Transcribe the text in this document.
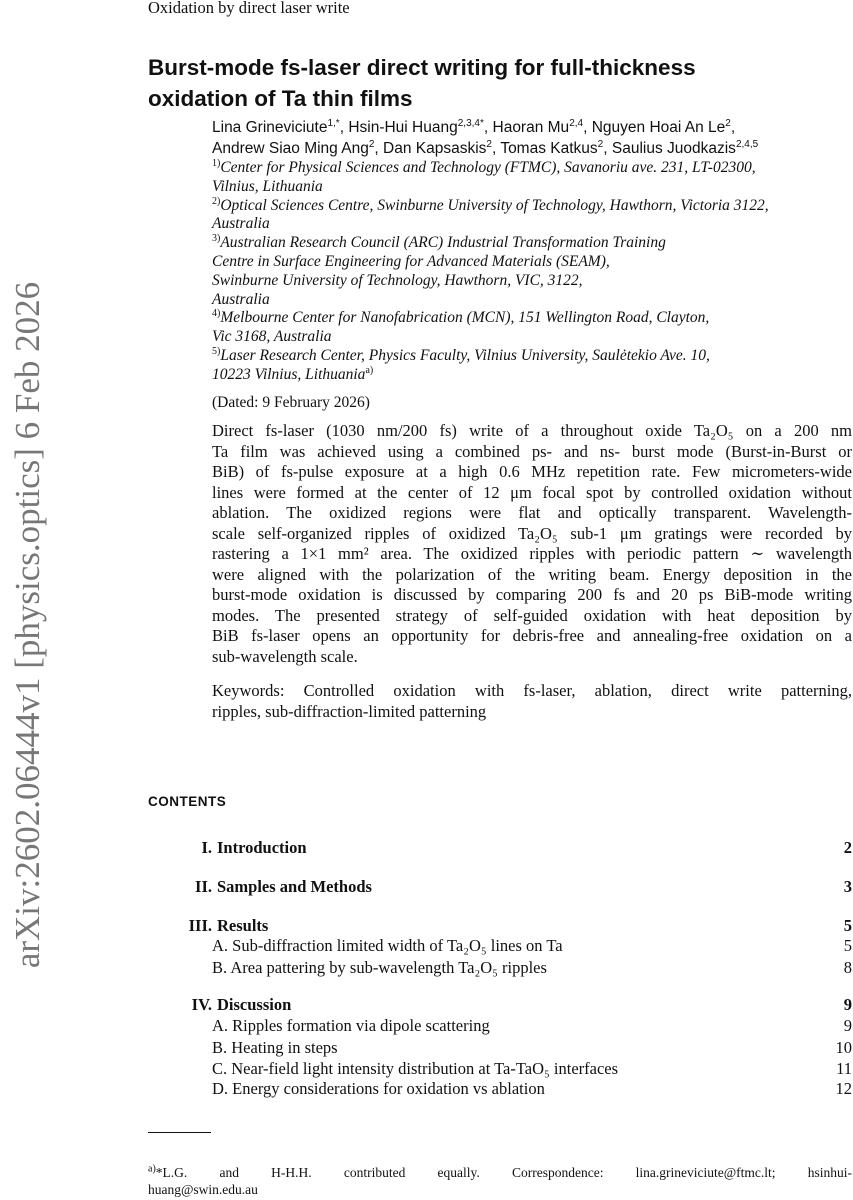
Oxidation by direct laser write
arXiv:2602.06444v1 [physics.optics] 6 Feb 2026
Burst-mode fs-laser direct writing for full-thickness
oxidation of Ta thin films
Lina Grineviciute$^{1,*}$, Hsin-Hui Huang$^{2,3,4*}$, Haoran Mu$^{2,4}$, Nguyen Hoai An Le$^2$,
Andrew Siao Ming Ang$^2$, Dan Kapsaskis$^2$, Tomas Katkus$^2$, Saulius Juodkazis$^{2,4,5}$
$^{1)}$Center for Physical Sciences and Technology (FTMC), Savanoriu ave. 231, LT-02300,
Vilnius, Lithuania
$^{2)}$Optical Sciences Centre, Swinburne University of Technology, Hawthorn, Victoria 3122,
Australia
$^{3)}$Australian Research Council (ARC) Industrial Transformation Training
Centre in Surface Engineering for Advanced Materials (SEAM),
Swinburne University of Technology, Hawthorn, VIC, 3122,
Australia
$^{4)}$Melbourne Center for Nanofabrication (MCN), 151 Wellington Road, Clayton,
Vic 3168, Australia
$^{5)}$Laser Research Center, Physics Faculty, Vilnius University, Saulėtekio Ave. 10,
10223 Vilnius, Lithuania$^{a)}$
(Dated: 9 February 2026)
Direct fs-laser (1030 nm/200 fs) write of a throughout oxide Ta₂O₅ on a 200 nm
Ta film was achieved using a combined ps- and ns- burst mode (Burst-in-Burst or
BiB) of fs-pulse exposure at a high 0.6 MHz repetition rate. Few micrometers-wide
lines were formed at the center of 12 μm focal spot by controlled oxidation without
ablation. The oxidized regions were flat and optically transparent. Wavelength-
scale self-organized ripples of oxidized Ta₂O₅ sub-1 μm gratings were recorded by
rastering a 1×1 mm² area. The oxidized ripples with periodic pattern ∼ wavelength
were aligned with the polarization of the writing beam. Energy deposition in the
burst-mode oxidation is discussed by comparing 200 fs and 20 ps BiB-mode writing
modes. The presented strategy of self-guided oxidation with heat deposition by
BiB fs-laser opens an opportunity for debris-free and annealing-free oxidation on a
sub-wavelength scale.
Keywords: Controlled oxidation with fs-laser, ablation, direct write patterning,
ripples, sub-diffraction-limited patterning
CONTENTS
I. Introduction	2
II. Samples and Methods	3
III. Results	5
A. Sub-diffraction limited width of Ta₂O₅ lines on Ta	5
B. Area pattering by sub-wavelength Ta₂O₅ ripples	8
IV. Discussion	9
A. Ripples formation via dipole scattering	9
B. Heating in steps	10
C. Near-field light intensity distribution at Ta-TaO₅ interfaces	11
D. Energy considerations for oxidation vs ablation	12
$^{a)}$*L.G. and H-H.H. contributed equally. Correspondence: lina.grineviciute@ftmc.lt; hsinhui-
huang@swin.edu.au
